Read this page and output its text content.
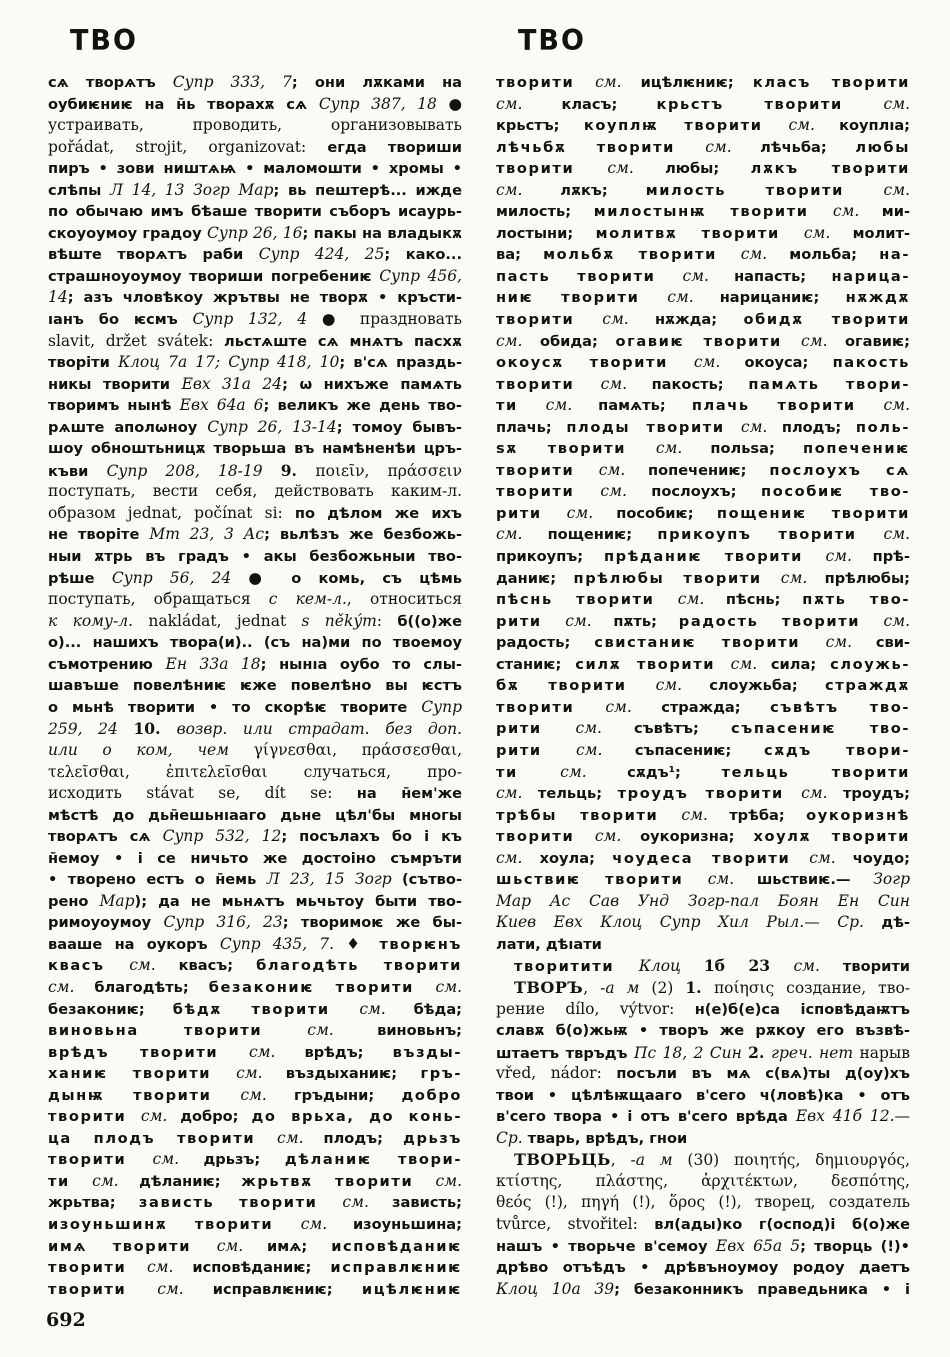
ТВО	ТВО
сѧ творѧтъ Супр 333, 7; они лѫками на
оубиѥниѥ на н̄ь творахѫ сѧ Супр 387, 18 ●
устраивать, проводить, организовывать
pořádat, strojit, organizovat: егда твориши
пиръ • зови ништѧѩ • маломошти • хромы •
слѣпы Л 14, 13 Зогр Мар; вь пештерѣ... ижде
по обычаю имъ бѣаше творити съборъ исаурь-
скоуоумоу градоу Супр 26, 16; пакы на владыкѫ
вѣште творѧтъ раби Супр 424, 25; како...
страшноуоумоу твориши погребениѥ Супр 456,
14; азъ чловѣкоу жрътвы не творѫ • кръсти-
ıанъ бо ѥсмъ Супр 132, 4 ● праздновать
slavit, držet svátek: льстѧште сѧ мнѧтъ пасхѫ
творіти Клоц 7а 17; Супр 418, 10; в'сѧ праздь-
никы творити Евх 31а 24; ѡ нихъже памѧть
творимъ нынѣ Евх 64а 6; великъ же день тво-
рѧште аполѡноу Супр 26, 13-14; томоу бывъ-
шоу обноштьницѫ творьша въ намѣненѣи цръ-
къви Супр 208, 18-19 9. ποιεῖν, πράσσειν
поступать, вести себя, действовать каким-л.
образом jednat, počínat si: по дѣлом же ихъ
не творіте Мт 23, 3 Ас; вьлѣзъ же безбожь-
ныи ѫтрь въ градъ • акы безбожьныи тво-
рѣше Супр 56, 24 ● о комь, съ цѣмь
поступать, обращаться с кем-л., относиться
к кому-л. nakládat, jednat s někým: б((о)же
о)... нашихъ твора(и).. (съ на)ми по твоемоу
съмотрению Ен 33а 18; нынıа оубо то слы-
шавъше повелѣниѥ ѥже повелѣно вы ѥстъ
о мьнѣ творити • то скорѣѥ творите Супр
259, 24 10. возвр. или страдат. без доп.
или о ком, чем γίγνεσθαι, πράσσεσθαι,
τελεῖσθαι, ἐπιτελεῖσθαι случаться, про-
исходить stávat se, dít se: на н̄ем'же
мѣстѣ до дьн̄ешьнıааго дьне цѣл'бы многы
творѧтъ сѧ Супр 532, 12; посълахъ бо і къ
н̄емоу • і се ничьто же достоіно съмръти
• творено естъ о н̄емь Л 23, 15 Зогр (сътво-
рено Мар); да не мьнѧтъ мьчьтоу быти тво-
римоуоумоу Супр 316, 23; творимоѥ же бы-
вааше на оукоръ Супр 435, 7. ♦ творѥнъ
квасъ см. квасъ; благодѣть творити
см. благодѣть; безакониѥ творити см.
безакониѥ; бѣдѫ творити см. бѣда;
виновьна творити см. виновьнъ;
врѣдъ творити см. врѣдъ; възды-
ханиѥ творити см. въздыханиѥ; гръ-
дынѭ творити см. гръдыни; добро
творити см. добро; до врьха, до конь-
ца плодъ творити см. плодъ; дрьзъ
творити см. дрьзъ; дѣланиѥ твори-
ти см. дѣланиѥ; жрьтвѫ творити см.
жрьтва; зависть творити см. зависть;
изоуньшинѫ творити см. изоуньшина;
имѧ творити см. имѧ; исповѣданиѥ
творити см. исповѣданиѥ; исправлѥниѥ
творити см. исправлѥниѥ; ицѣлѥниѥ
творити см. ицѣлѥниѥ; класъ творити
см. класъ; крьстъ творити см.
крьстъ; коуплѭ творити см. коуплıа;
лѣчьбѫ творити см. лѣчьба; любы
творити см. любы; лѫкъ творити
см. лѫкъ; милость творити см.
милость; милостынѭ творити см. ми-
лостыни; молитвѫ творити см. молит-
ва; мольбѫ творити см. мольба; на-
пасть творити см. напасть; нарица-
ниѥ творити см. нарицаниѥ; нѫждѫ
творити см. нѫжда; обидѫ творити
см. обида; огавиѥ творити см. огавиѥ;
окоусѫ творити см. окоуса; пакость
творити см. пакость; памѧть твори-
ти см. памѧть; плачь творити см.
плачь; плоды творити см. плодъ; поль-
ѕѫ творити см. польѕа; попечениѥ
творити см. попечениѥ; послоухъ сѧ
творити см. послоухъ; пособиѥ тво-
рити см. пособиѥ; пощениѥ творити
см. пощениѥ; прикоупъ творити см.
прикоупъ; прѣданиѥ творити см. прѣ-
даниѥ; прѣлюбы творити см. прѣлюбы;
пѣснь творити см. пѣснь; пѫть тво-
рити см. пѫть; радость творити см.
радость; свистаниѥ творити см. сви-
станиѥ; силѫ творити см. сила; слоужь-
бѫ творити см. слоужьба; страждѫ
творити см. стражда; съвѣтъ тво-
рити см. съвѣтъ; съпасениѥ тво-
рити см. съпасениѥ; сѫдъ твори-
ти см. сѫдъ¹; тельць творити
см. тельць; троудъ творити см. троудъ;
трѣбы творити см. трѣба; оукоризнѣ
творити см. оукоризна; хоулѫ творити
см. хоула; чоудеса творити см. чоудо;
шьствиѥ творити см. шьствиѥ.— Зогр
Мар Ас Сав Унд Зогр-пал Боян Ен Син
Киев Евх Клоц Супр Хил Рыл.— Ср. дѣ-
лати, дѣıати
творитити Клоц 1б 23 см. творити
ТВОРЪ, -а м (2) 1. ποίησις создание, тво-
рение dílo, výtvor: н(е)б(е)са ісповѣдаѭтъ
славѫ б(о)жьѭ • творъ же рѫкоу его възвѣ-
штаетъ твръдъ Пс 18, 2 Син 2. греч. нет нарыв
vřed, nádor: посъли въ мѧ с(вѧ)ты д(оу)хъ
твои • цѣлѣѭщааго в'сего ч(ловѣ)ка • отъ
в'сего твора • і отъ в'сего врѣда Евх 41б 12.—
Ср. тварь, врѣдъ, гнои
ТВОРЬЦЬ, -а м (30) ποιητής, δημιουργός,
κτίστης, πλάστης, ἀρχιτέκτων, δεσπότης,
θεός (!), πηγή (!), ὅρος (!), творец, создатель
tvůrce, stvořitel: вл(ады)ко г(оспод)і б(о)же
нашъ • творьче в'семоу Евх 65а 5; творць (!)•
дрѣво отъѣдъ • дрѣвъноумоу родоу даетъ
Клоц 10а 39; безаконникъ праведьника • і
692
